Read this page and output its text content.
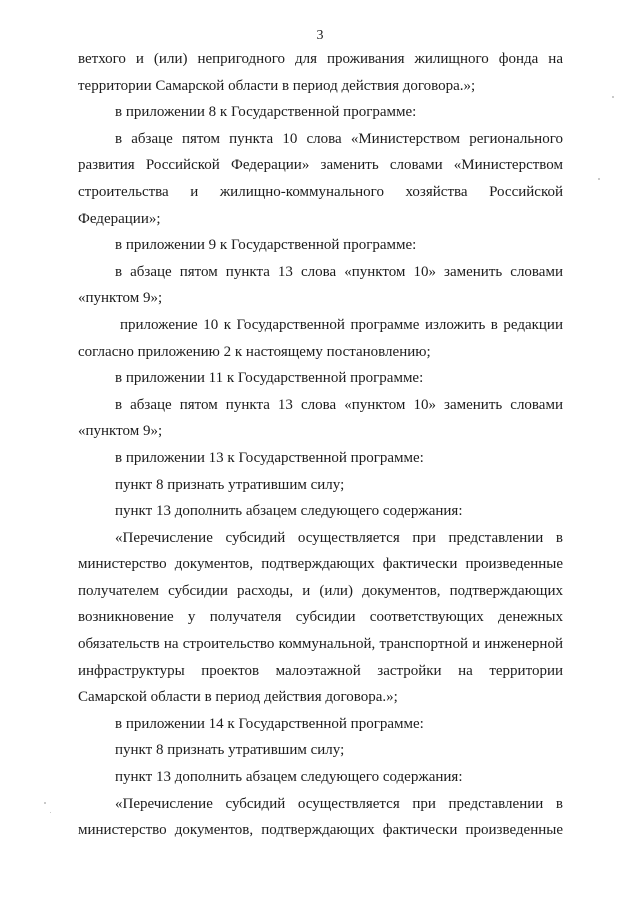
3

ветхого и (или) непригодного для проживания жилищного фонда на территории Самарской области в период действия договора.»;

в приложении 8 к Государственной программе:

в абзаце пятом пункта 10 слова «Министерством регионального развития Российской Федерации» заменить словами «Министерством строительства и жилищно-коммунального хозяйства Российской Федерации»;

в приложении 9 к Государственной программе:

в абзаце пятом пункта 13 слова «пунктом 10» заменить словами «пунктом 9»;

приложение 10 к Государственной программе изложить в редакции согласно приложению 2 к настоящему постановлению;

в приложении 11 к Государственной программе:

в абзаце пятом пункта 13 слова «пунктом 10» заменить словами «пунктом 9»;

в приложении 13 к Государственной программе:

пункт 8 признать утратившим силу;

пункт 13 дополнить абзацем следующего содержания:

«Перечисление субсидий осуществляется при представлении в министерство документов, подтверждающих фактически произведенные получателем субсидии расходы, и (или) документов, подтверждающих возникновение у получателя субсидии соответствующих денежных обязательств на строительство коммунальной, транспортной и инженерной инфраструктуры проектов малоэтажной застройки на территории Самарской области в период действия договора.»;

в приложении 14 к Государственной программе:

пункт 8 признать утратившим силу;

пункт 13 дополнить абзацем следующего содержания:

«Перечисление субсидий осуществляется при представлении в министерство документов, подтверждающих фактически произведенные
